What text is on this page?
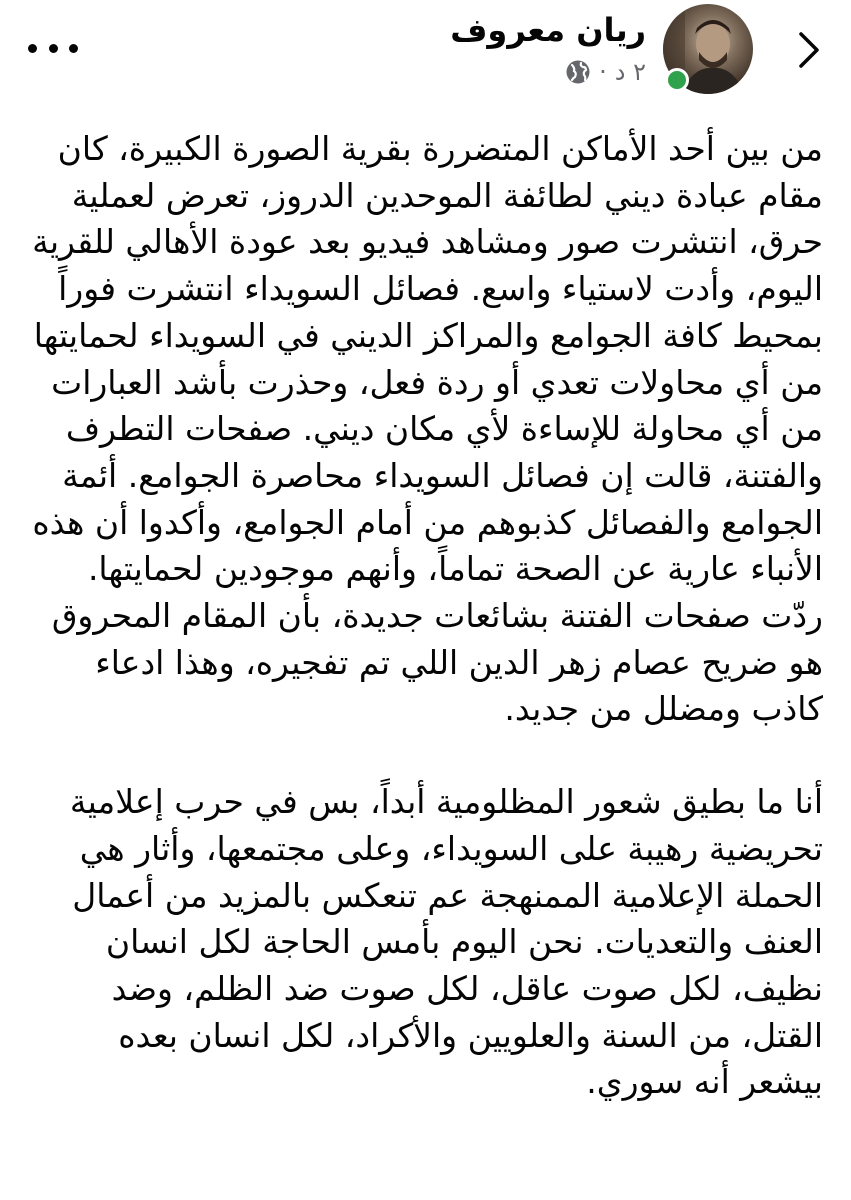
ريان معروف
٢ د
·

من بين أحد الأماكن المتضررة بقرية الصورة الكبيرة، كان مقام عبادة ديني لطائفة الموحدين الدروز، تعرض لعملية حرق، انتشرت صور ومشاهد فيديو بعد عودة الأهالي للقرية اليوم، وأدت لاستياء واسع. فصائل السويداء انتشرت فوراً بمحيط كافة الجوامع والمراكز الديني في السويداء لحمايتها من أي محاولات تعدي أو ردة فعل، وحذرت بأشد العبارات من أي محاولة للإساءة لأي مكان ديني. صفحات التطرف والفتنة، قالت إن فصائل السويداء محاصرة الجوامع. أئمة الجوامع والفصائل كذبوهم من أمام الجوامع، وأكدوا أن هذه الأنباء عارية عن الصحة تماماً، وأنهم موجودين لحمايتها. ردّت صفحات الفتنة بشائعات جديدة، بأن المقام المحروق هو ضريح عصام زهر الدين اللي تم تفجيره، وهذا ادعاء كاذب ومضلل من جديد.

أنا ما بطيق شعور المظلومية أبداً، بس في حرب إعلامية تحريضية رهيبة على السويداء، وعلى مجتمعها، وأثار هي الحملة الإعلامية الممنهجة عم تنعكس بالمزيد من أعمال العنف والتعديات. نحن اليوم بأمس الحاجة لكل انسان نظيف، لكل صوت عاقل، لكل صوت ضد الظلم، وضد القتل، من السنة والعلويين والأكراد، لكل انسان بعده بيشعر أنه سوري.
